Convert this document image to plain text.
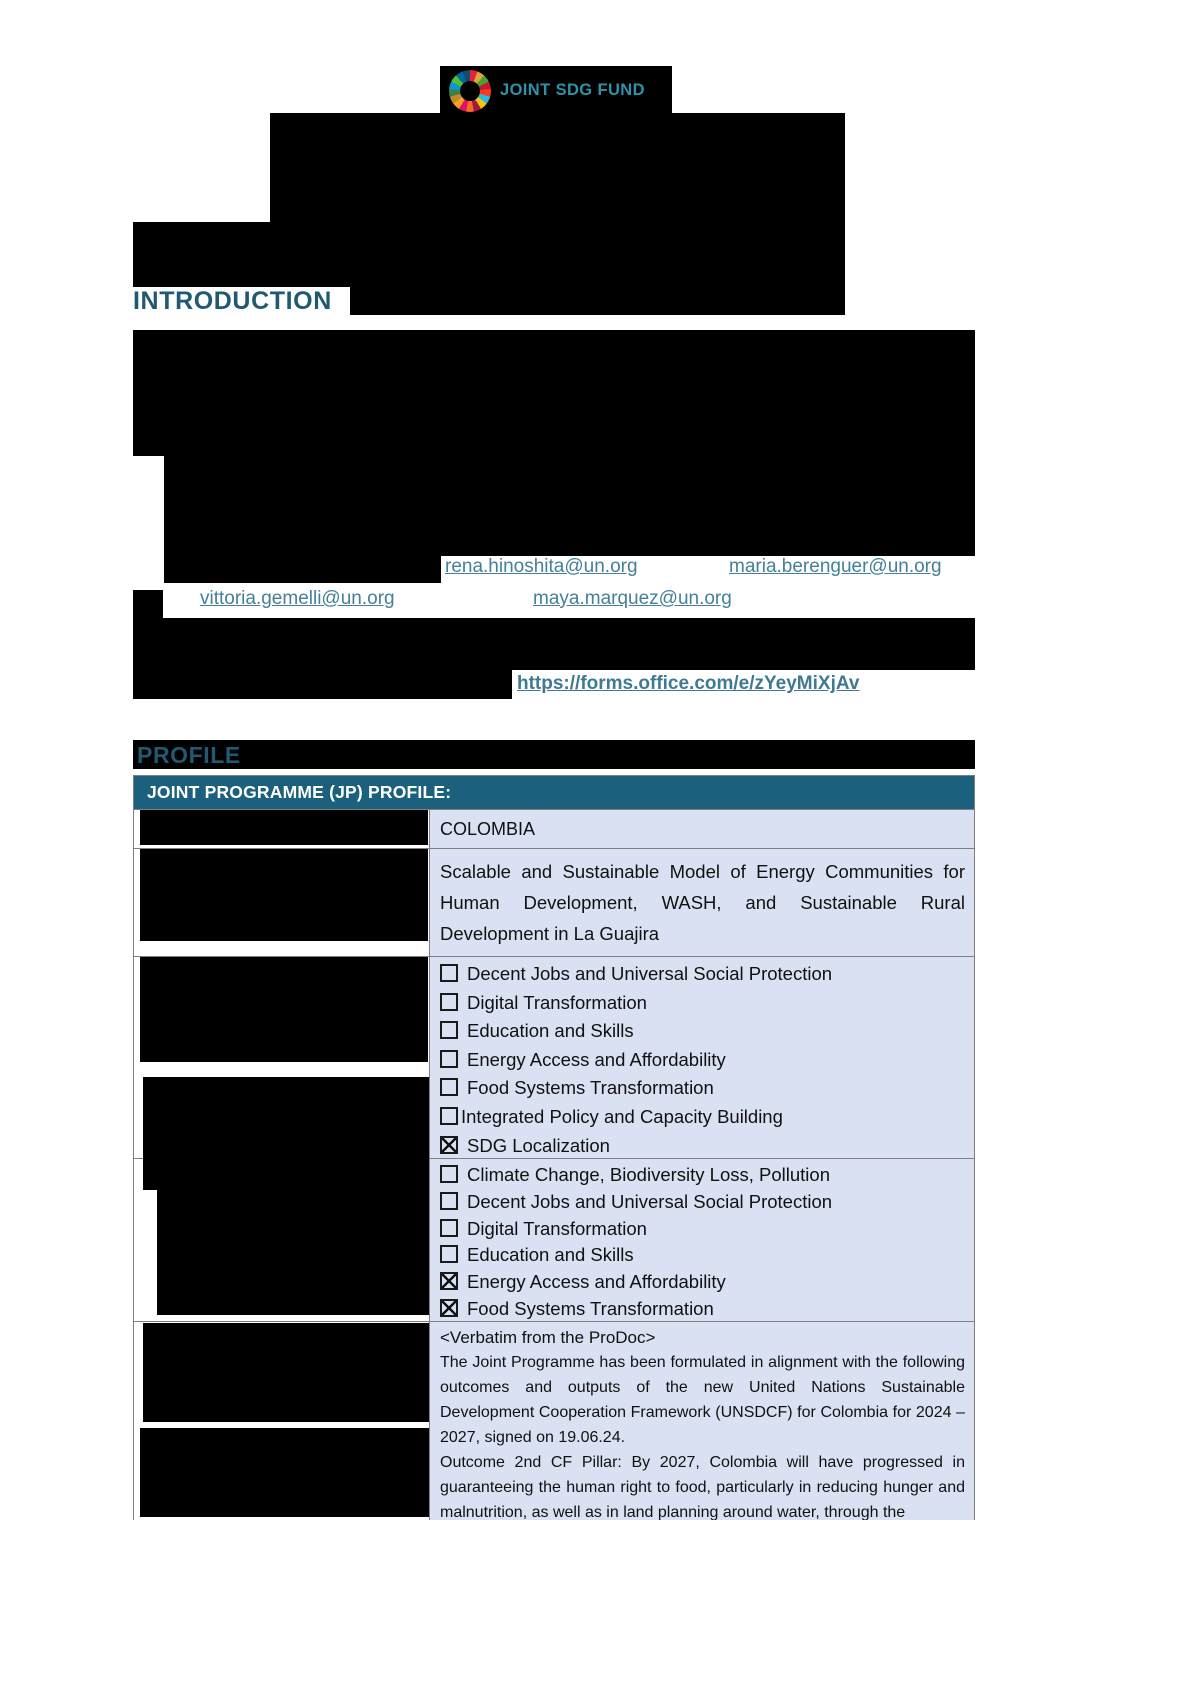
JOINT SDG FUND
INTRODUCTION
rena.hinoshita@un.org	maria.berenguer@un.org
vittoria.gemelli@un.org	maya.marquez@un.org
https://forms.office.com/e/zYeyMiXjAv
PROFILE
JOINT PROGRAMME (JP) PROFILE:
COLOMBIA
Scalable and Sustainable Model of Energy Communities for Human Development, WASH, and Sustainable Rural Development in La Guajira
Decent Jobs and Universal Social Protection
Digital Transformation
Education and Skills
Energy Access and Affordability
Food Systems Transformation
Integrated Policy and Capacity Building
SDG Localization
Climate Change, Biodiversity Loss, Pollution
Decent Jobs and Universal Social Protection
Digital Transformation
Education and Skills
Energy Access and Affordability
Food Systems Transformation
<Verbatim from the ProDoc>

The Joint Programme has been formulated in alignment with the following outcomes and outputs of the new United Nations Sustainable Development Cooperation Framework (UNSDCF) for Colombia for 2024 – 2027, signed on 19.06.24.

Outcome 2nd CF Pillar: By 2027, Colombia will have progressed in guaranteeing the human right to food, particularly in reducing hunger and malnutrition, as well as in land planning around water, through the
